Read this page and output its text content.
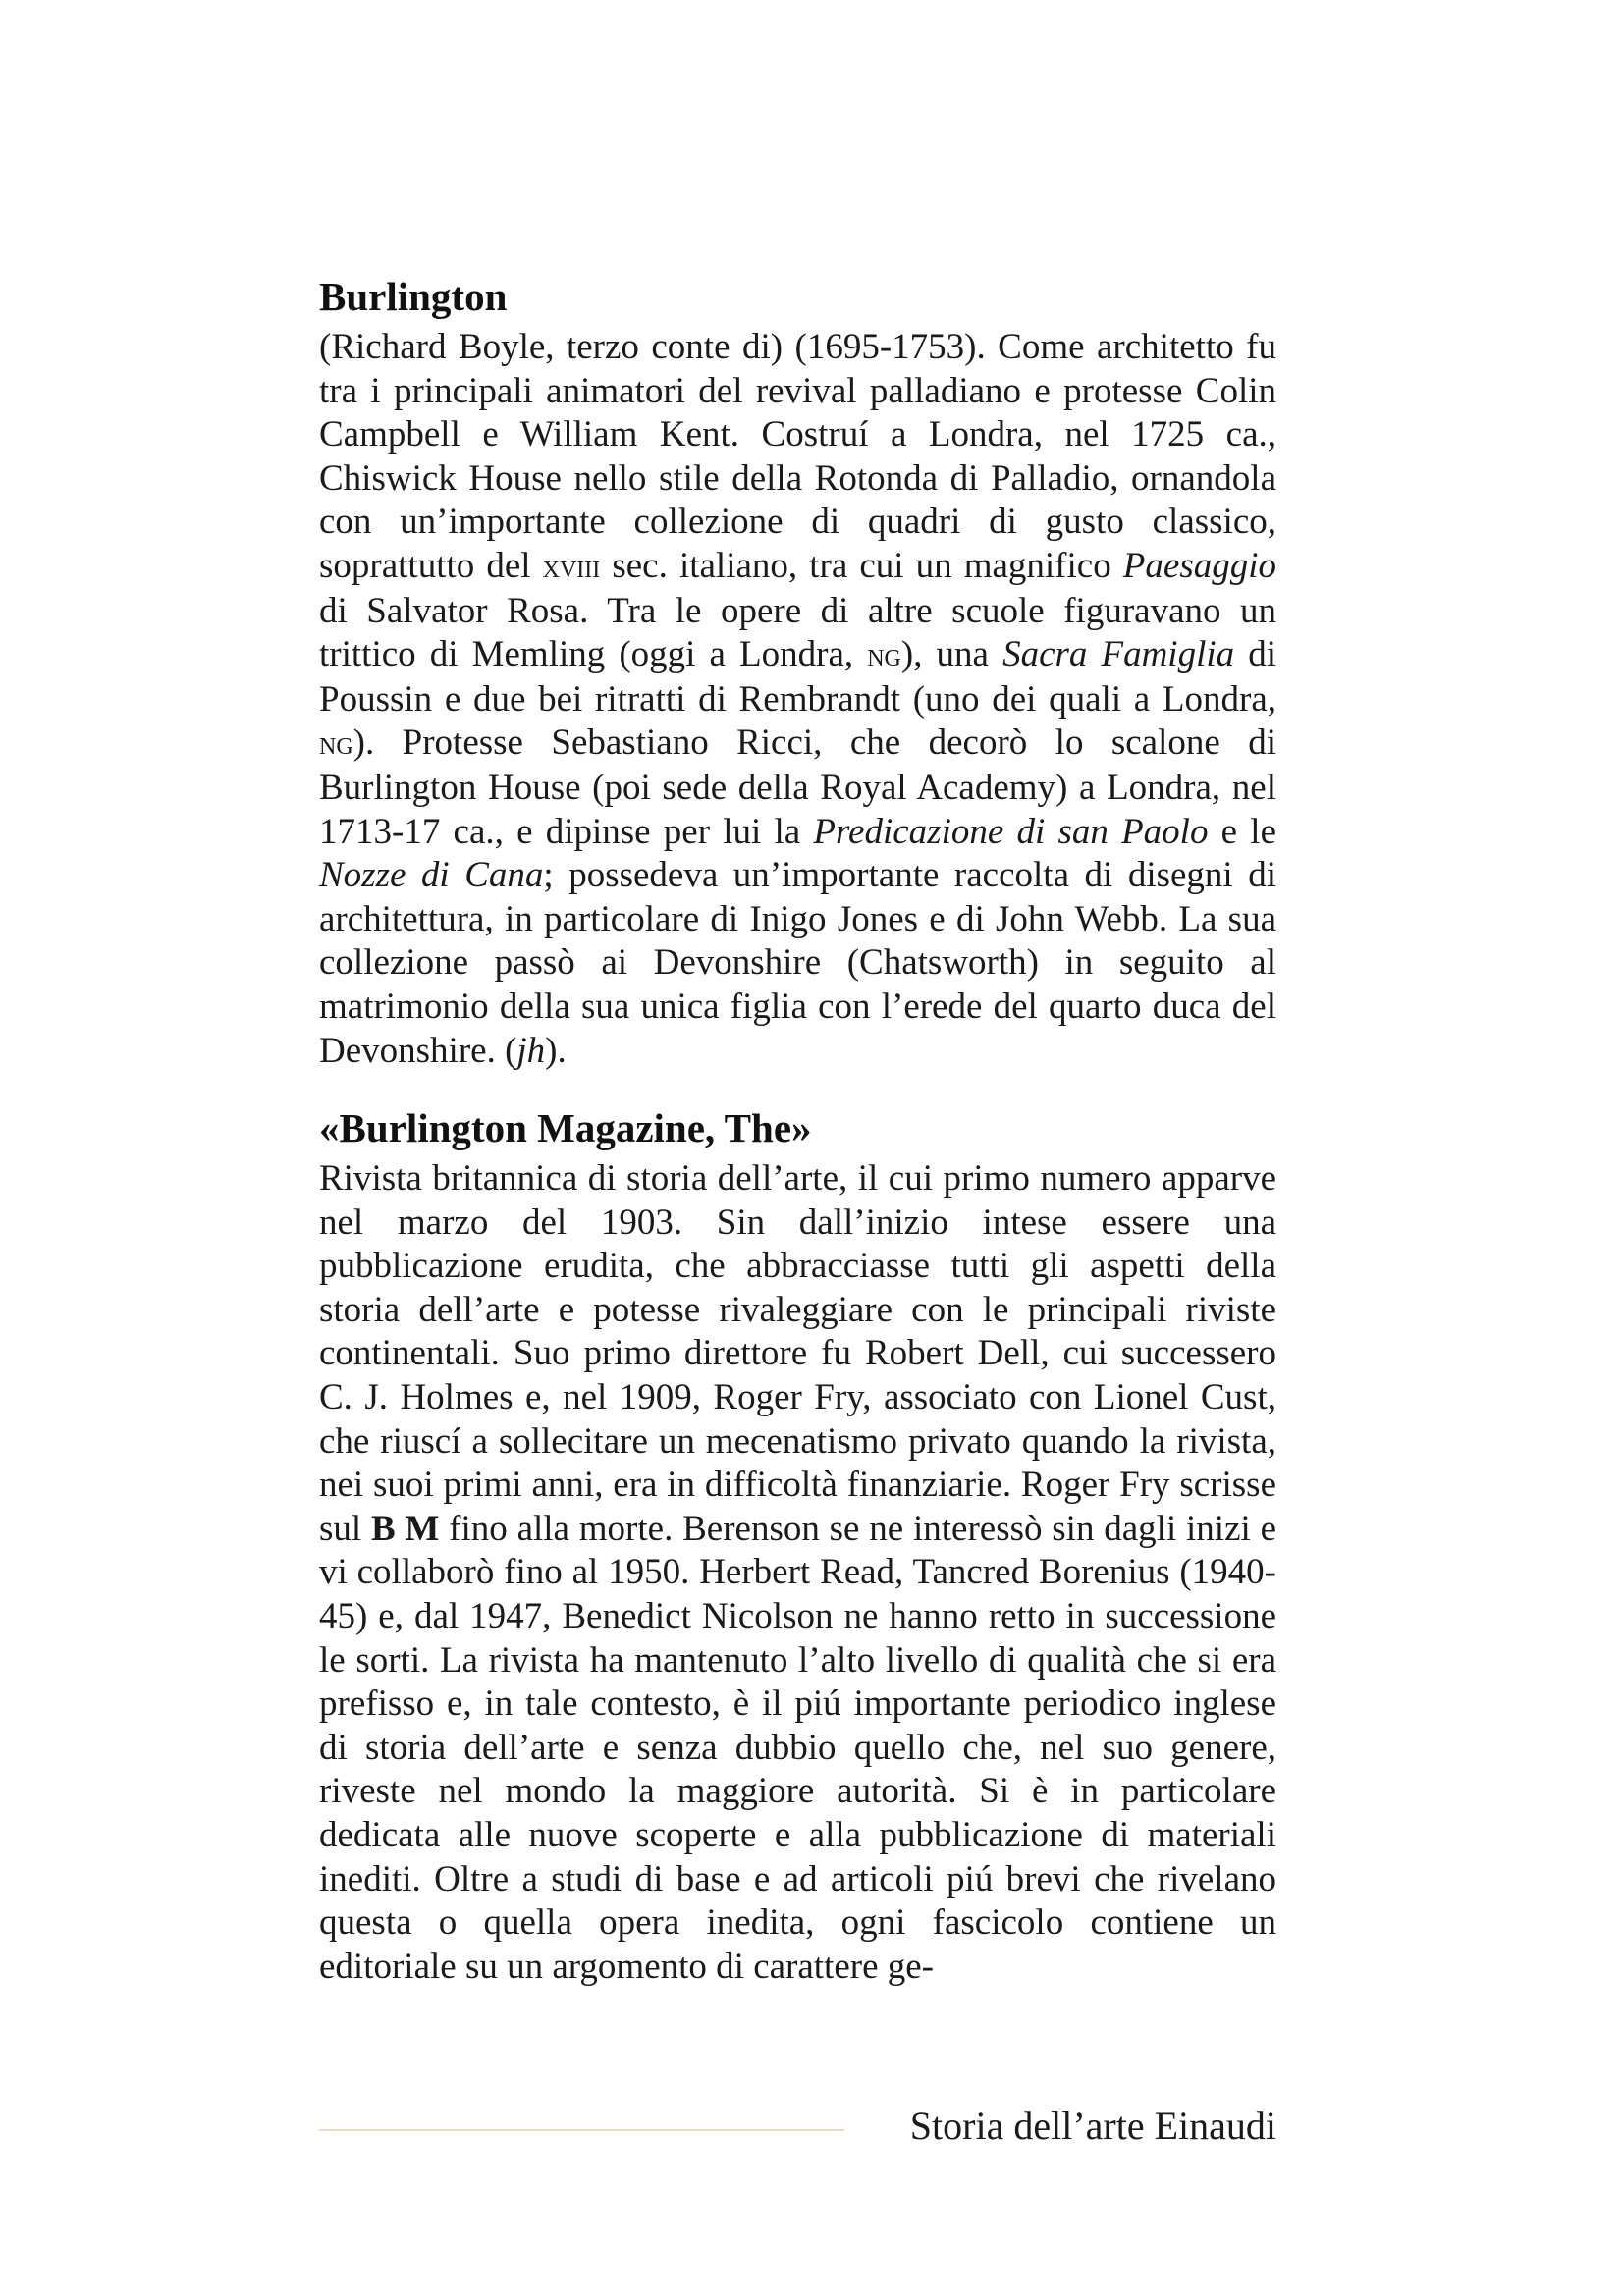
Burlington

(Richard Boyle, terzo conte di) (1695-1753). Come architetto fu tra i principali animatori del revival palladiano e protesse Colin Campbell e William Kent. Costruí a Londra, nel 1725 ca., Chiswick House nello stile della Rotonda di Palladio, ornandola con un’importante collezione di quadri di gusto classico, soprattutto del xviii sec. italiano, tra cui un magnifico Paesaggio di Salvator Rosa. Tra le opere di altre scuole figuravano un trittico di Memling (oggi a Londra, ng), una Sacra Famiglia di Poussin e due bei ritratti di Rembrandt (uno dei quali a Londra, ng). Protesse Sebastiano Ricci, che decorò lo scalone di Burlington House (poi sede della Royal Academy) a Londra, nel 1713-17 ca., e dipinse per lui la Predicazione di san Paolo e le Nozze di Cana; possedeva un’importante raccolta di disegni di architettura, in particolare di Inigo Jones e di John Webb. La sua collezione passò ai Devonshire (Chatsworth) in seguito al matrimonio della sua unica figlia con l’erede del quarto duca del Devonshire. (jh).

«Burlington Magazine, The»

Rivista britannica di storia dell’arte, il cui primo numero apparve nel marzo del 1903. Sin dall’inizio intese essere una pubblicazione erudita, che abbracciasse tutti gli aspetti della storia dell’arte e potesse rivaleggiare con le principali riviste continentali. Suo primo direttore fu Robert Dell, cui successero C. J. Holmes e, nel 1909, Roger Fry, associato con Lionel Cust, che riuscí a sollecitare un mecenatismo privato quando la rivista, nei suoi primi anni, era in difficoltà finanziarie. Roger Fry scrisse sul B M fino alla morte. Berenson se ne interessò sin dagli inizi e vi collaborò fino al 1950. Herbert Read, Tancred Borenius (1940-45) e, dal 1947, Benedict Nicolson ne hanno retto in successione le sorti. La rivista ha mantenuto l’alto livello di qualità che si era prefisso e, in tale contesto, è il piú importante periodico inglese di storia dell’arte e senza dubbio quello che, nel suo genere, riveste nel mondo la maggiore autorità. Si è in particolare dedicata alle nuove scoperte e alla pubblicazione di materiali inediti. Oltre a studi di base e ad articoli piú brevi che rivelano questa o quella opera inedita, ogni fascicolo contiene un editoriale su un argomento di carattere ge-

Storia dell’arte Einaudi
